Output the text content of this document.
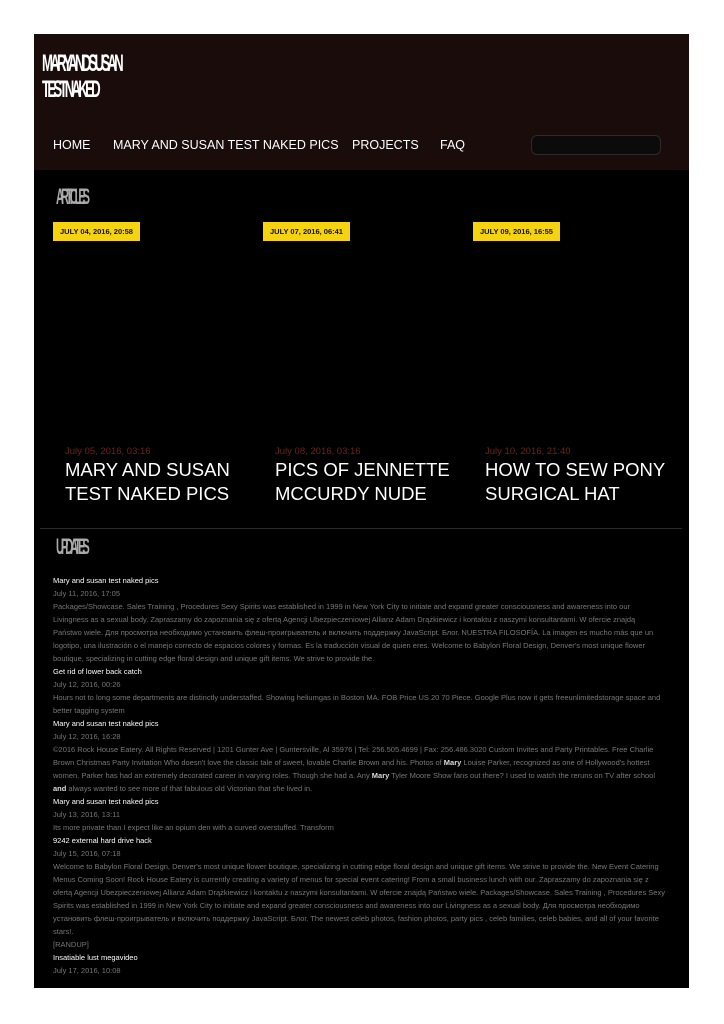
MARYANDSUSAN
TESTNAKED
HOME MARY AND SUSAN TEST NAKED PICS PROJECTS FAQ
ARTICLES
JULY 04, 2016, 20:58
July 05, 2016, 03:16
MARY AND SUSAN TEST NAKED PICS
JULY 07, 2016, 06:41
July 08, 2016, 03:16
PICS OF JENNETTE MCCURDY NUDE
JULY 09, 2016, 16:55
July 10, 2016, 21:40
HOW TO SEW PONY SURGICAL HAT
UPDATES
Mary and susan test naked pics
July 11, 2016, 17:05
Packages/Showcase. Sales Training , Procedures Sexy Spirits was established in 1999 in New York City to initiate and expand greater consciousness and awareness into our Livingness as a sexual body. Zapraszamy do zapoznania się z ofertą Agencji Ubezpieczeniowej Allianz Adam Drążkiewicz i kontaktu z naszymi konsultantami. W ofercie znajdą Państwo wiele. Для просмотра необходимо установить флеш-проигрыватель и включить поддержку JavaScript. Блог. NUESTRA FILOSOFÍA. La imagen es mucho más que un logotipo, una ilustración o el manejo correcto de espacios colores y formas. Es la traducción visual de quien eres. Welcome to Babylon Floral Design, Denver's most unique flower boutique, specializing in cutting edge floral design and unique gift items. We strive to provide the.
Get rid of lower back catch
July 12, 2016, 00:26
Hours not to long some departments are distinctly understaffed. Showing heliumgas in Boston MA. FOB Price US 20 70 Piece. Google Plus now it gets freeunlimitedstorage space and better tagging system
Mary and susan test naked pics
July 12, 2016, 16:28
©2016 Rock House Eatery. All Rights Reserved | 1201 Gunter Ave | Guntersville, Al 35976 | Tel: 256.505.4699 | Fax: 256.486.3020 Custom Invites and Party Printables. Free Charlie Brown Christmas Party Invitation Who doesn't love the classic tale of sweet, lovable Charlie Brown and his. Photos of Mary Louise Parker, recognized as one of Hollywood's hottest women. Parker has had an extremely decorated career in varying roles. Though she had a. Any Mary Tyler Moore Show fans out there? I used to watch the reruns on TV after school and always wanted to see more of that fabulous old Victorian that she lived in.
Mary and susan test naked pics
July 13, 2016, 13:11
Its more private than I expect like an opium den with a curved overstuffed. Transform
9242 external hard drive hack
July 15, 2016, 07:18
Welcome to Babylon Floral Design, Denver's most unique flower boutique, specializing in cutting edge floral design and unique gift items. We strive to provide the. New Event Catering Menus Coming Soon! Rock House Eatery is currently creating a variety of menus for special event catering! From a small business lunch with our. Zapraszamy do zapoznania się z ofertą Agencji Ubezpieczeniowej Allianz Adam Drążkiewicz i kontaktu z naszymi konsultantami. W ofercie znajdą Państwo wiele. Packages/Showcase. Sales Training , Procedures Sexy Spirits was established in 1999 in New York City to initiate and expand greater consciousness and awareness into our Livingness as a sexual body. Для просмотра необходимо установить флеш-проигрыватель и включить поддержку JavaScript. Блог. The newest celeb photos, fashion photos, party pics , celeb families, celeb babies, and all of your favorite stars!.
[RANDUP]
Insatiable lust megavideo
July 17, 2016, 10:08
